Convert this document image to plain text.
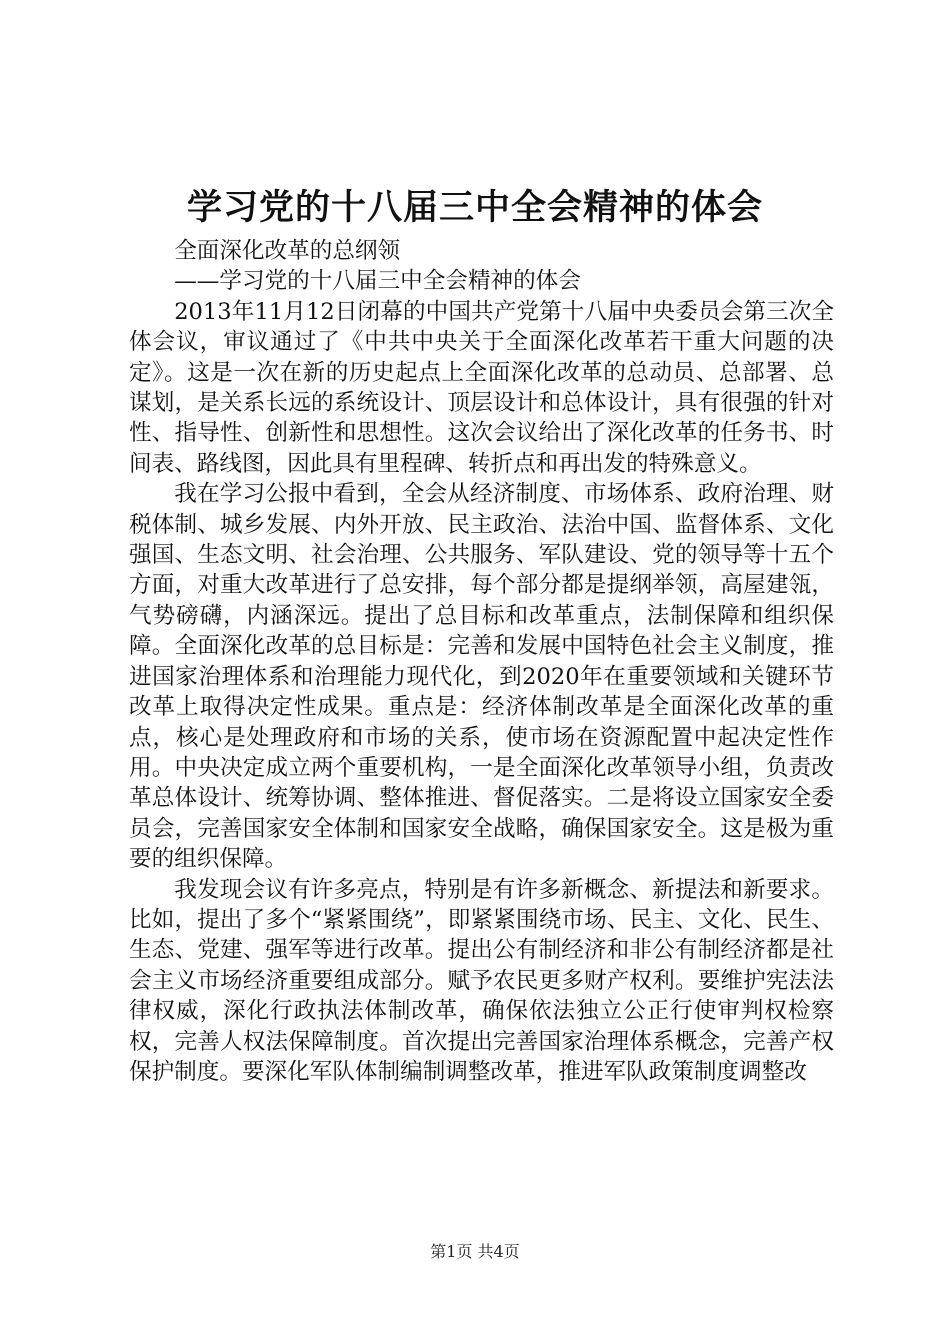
学习党的十八届三中全会精神的体会

全面深化改革的总纲领

——学习党的十八届三中全会精神的体会

2013年11月12日闭幕的中国共产党第十八届中央委员会第三次全体会议，审议通过了《中共中央关于全面深化改革若干重大问题的决定》。这是一次在新的历史起点上全面深化改革的总动员、总部署、总谋划，是关系长远的系统设计、顶层设计和总体设计，具有很强的针对性、指导性、创新性和思想性。这次会议给出了深化改革的任务书、时间表、路线图，因此具有里程碑、转折点和再出发的特殊意义。

我在学习公报中看到，全会从经济制度、市场体系、政府治理、财税体制、城乡发展、内外开放、民主政治、法治中国、监督体系、文化强国、生态文明、社会治理、公共服务、军队建设、党的领导等十五个方面，对重大改革进行了总安排，每个部分都是提纲举领，高屋建瓴，气势磅礴，内涵深远。提出了总目标和改革重点，法制保障和组织保障。全面深化改革的总目标是：完善和发展中国特色社会主义制度，推进国家治理体系和治理能力现代化，到2020年在重要领域和关键环节改革上取得决定性成果。重点是：经济体制改革是全面深化改革的重点，核心是处理政府和市场的关系，使市场在资源配置中起决定性作用。中央决定成立两个重要机构，一是全面深化改革领导小组，负责改革总体设计、统筹协调、整体推进、督促落实。二是将设立国家安全委员会，完善国家安全体制和国家安全战略，确保国家安全。这是极为重要的组织保障。

我发现会议有许多亮点，特别是有许多新概念、新提法和新要求。比如，提出了多个“紧紧围绕”，即紧紧围绕市场、民主、文化、民生、生态、党建、强军等进行改革。提出公有制经济和非公有制经济都是社会主义市场经济重要组成部分。赋予农民更多财产权利。要维护宪法法律权威，深化行政执法体制改革，确保依法独立公正行使审判权检察权，完善人权法保障制度。首次提出完善国家治理体系概念，完善产权保护制度。要深化军队体制编制调整改革，推进军队政策制度调整改

第1页 共4页
